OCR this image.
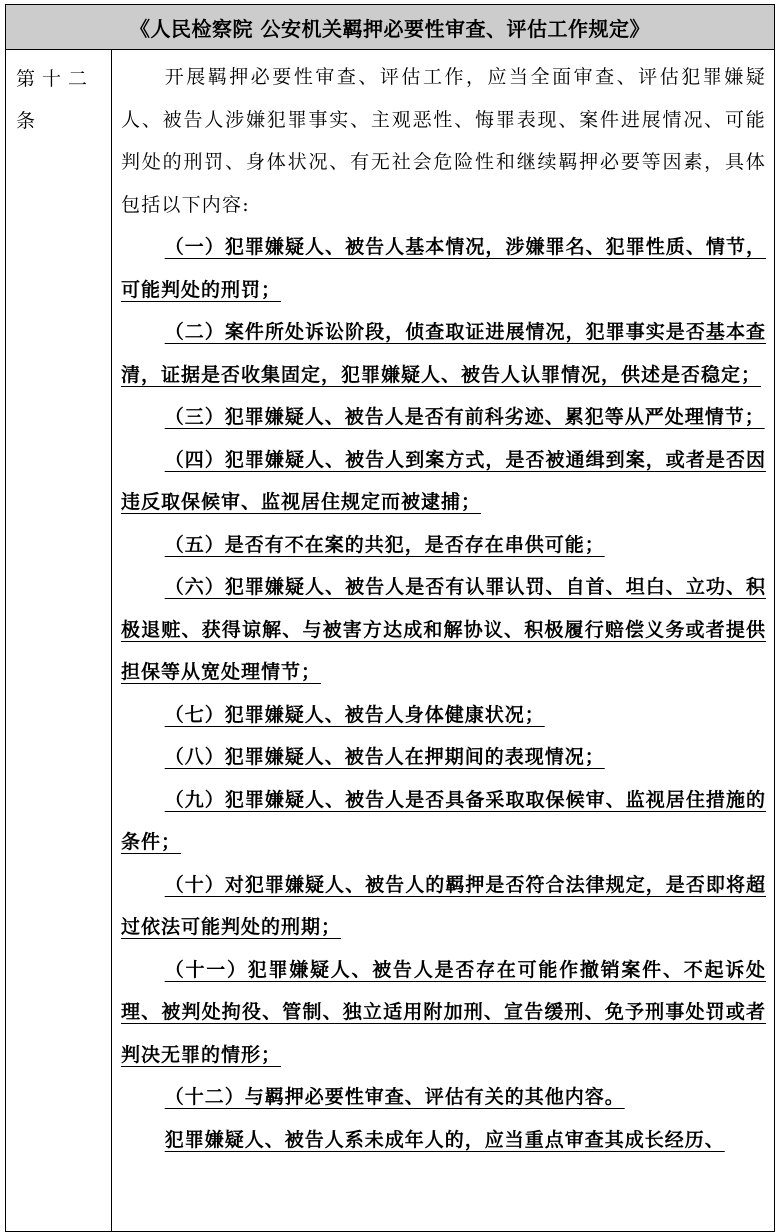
《人民检察院 公安机关羁押必要性审查、评估工作规定》
第十二条

开展羁押必要性审查、评估工作，应当全面审查、评估犯罪嫌疑人、被告人涉嫌犯罪事实、主观恶性、悔罪表现、案件进展情况、可能判处的刑罚、身体状况、有无社会危险性和继续羁押必要等因素，具体包括以下内容:

（一）犯罪嫌疑人、被告人基本情况，涉嫌罪名、犯罪性质、情节，可能判处的刑罚；

（二）案件所处诉讼阶段，侦查取证进展情况，犯罪事实是否基本查清，证据是否收集固定，犯罪嫌疑人、被告人认罪情况，供述是否稳定；

（三）犯罪嫌疑人、被告人是否有前科劣迹、累犯等从严处理情节；

（四）犯罪嫌疑人、被告人到案方式，是否被通缉到案，或者是否因违反取保候审、监视居住规定而被逮捕；

（五）是否有不在案的共犯，是否存在串供可能；

（六）犯罪嫌疑人、被告人是否有认罪认罚、自首、坦白、立功、积极退赃、获得谅解、与被害方达成和解协议、积极履行赔偿义务或者提供担保等从宽处理情节；

（七）犯罪嫌疑人、被告人身体健康状况；

（八）犯罪嫌疑人、被告人在押期间的表现情况；

（九）犯罪嫌疑人、被告人是否具备采取取保候审、监视居住措施的条件；

（十）对犯罪嫌疑人、被告人的羁押是否符合法律规定，是否即将超过依法可能判处的刑期；

（十一）犯罪嫌疑人、被告人是否存在可能作撤销案件、不起诉处理、被判处拘役、管制、独立适用附加刑、宣告缓刑、免予刑事处罚或者判决无罪的情形；

（十二）与羁押必要性审查、评估有关的其他内容。

犯罪嫌疑人、被告人系未成年人的，应当重点审查其成长经历、
